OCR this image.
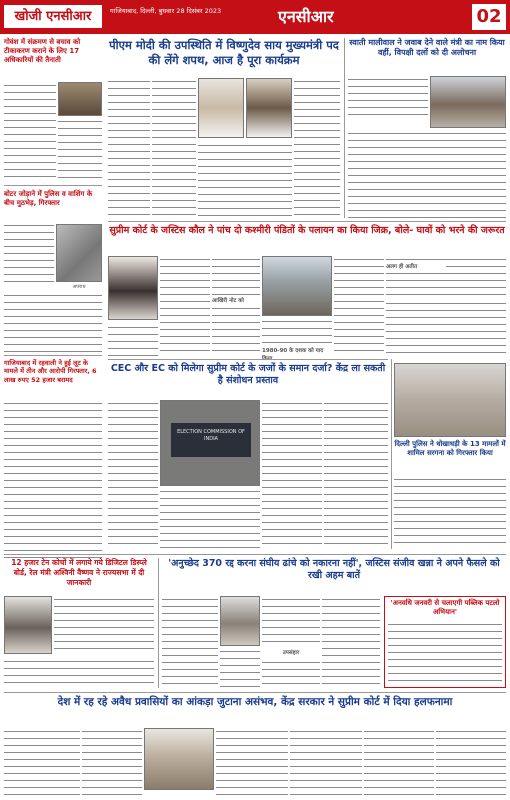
खोजी एनसीआर	गाजियाबाद, दिल्ली, बुधवार 28 दिसंबर 2023	एनसीआर	02
गोवंश में संक्रमण से बचाव को टीकाकरण कराने के लिए 17 अधिकारियों की तैनाती
बोटर जोड़ाने में पुलिस व वाशिंग के बीच मुठभेड़, गिरफ्तार
अपराध
गाजियाबाद में रहवाली ने हुई लूट के मामले में तीन और आरोपी गिरफ्तार, 6 लाख रुपए 52 हजार बरामद
पीएम मोदी की उपस्थिति में विष्णुदेव साय मुख्यमंत्री पद की लेंगे शपथ, आज है पूरा कार्यक्रम
स्वाती मालीवाल ने जवाब देने वाले मंत्री का नाम किया वहीं, विपक्षी दलों को दी अलोचना
सुप्रीम कोर्ट के जस्टिस कौल ने पांच दो कश्मीरी पंडितों के पलायन का किया जिक्र, बोले- घावों को भरने की जरूरत
आखिरी नोट को
1980-90 के दशक को याद
अलग ही अतीत
CEC और EC को मिलेगा सुप्रीम कोर्ट के जजों के समान दर्जा? केंद्र ला सकती है संशोधन प्रस्ताव
ELECTION COMMISSION OF INDIA
दिल्ली पुलिस ने धोखाधड़ी के 13 मामलों में शामिल सरगना को गिरफ्तार किया
12 हजार टेन कोचों में लगाये गये डिजिटल डिस्प्ले बोर्ड, रेल मंत्री अश्विनी वैष्णव ने राज्यसभा में दी जानकारी
'अनुच्छेद 370 रद्द करना संघीय ढांचे को नकारना नहीं', जस्टिस संजीव खन्ना ने अपने फैसले को रखी अहम बातें
उपसंहार
'अनवधि जनवरी से चलाएगी पब्लिक पटलो अभियान'
देश में रह रहे अवैध प्रवासियों का आंकड़ा जुटाना असंभव, केंद्र सरकार ने सुप्रीम कोर्ट में दिया हलफनामा
